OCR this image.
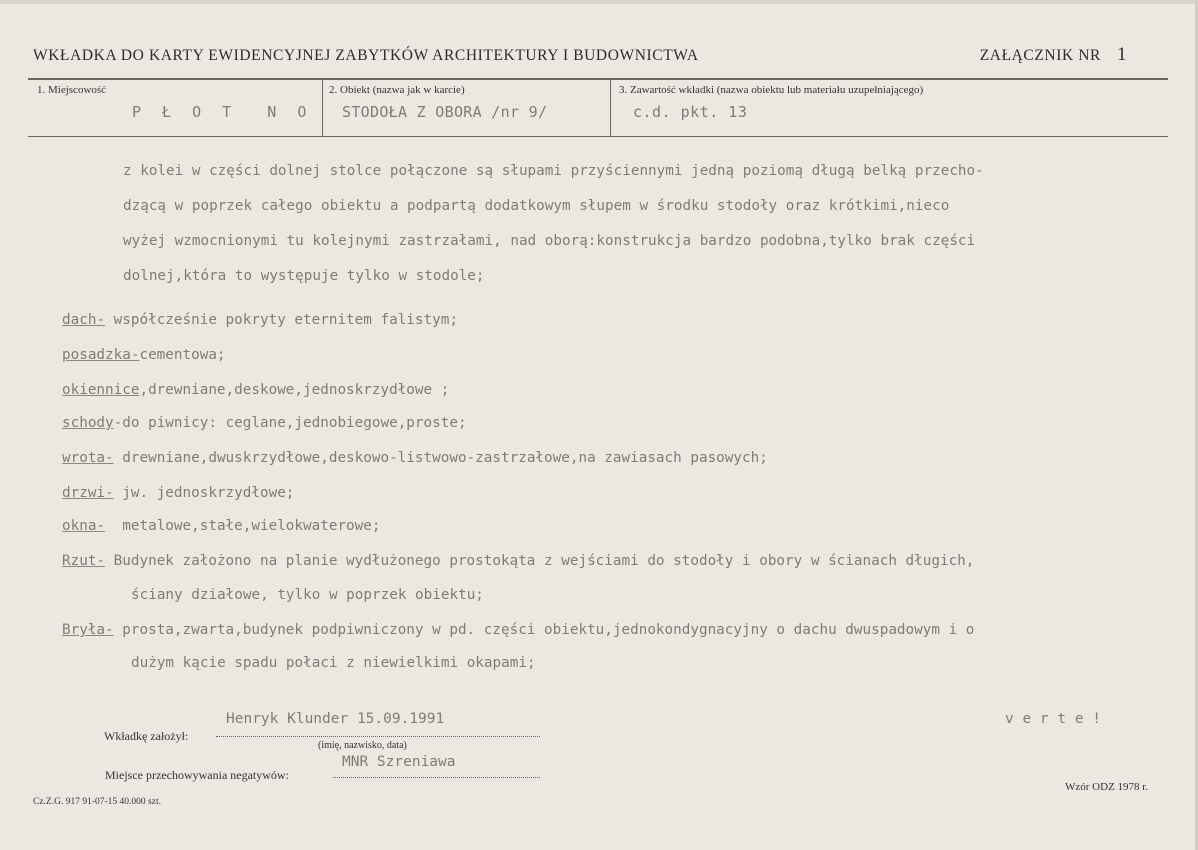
WKŁADKA DO KARTY EWIDENCYJNEJ ZABYTKÓW ARCHITEKTURY I BUDOWNICTWA	ZAŁĄCZNIK NR 1
1. Miejscowość
P Ł O T  N O
2. Obiekt (nazwa jak w karcie)
STODOŁA Z OBORA /nr 9/
3. Zawartość wkładki (nazwa obiektu lub materiału uzupełniającego)
c.d. pkt. 13
z kolei w części dolnej stolce połączone są słupami przyściennymi jedną poziomą długą belką przecho-
dzącą w poprzek całego obiektu a podpartą dodatkowym słupem w środku stodoły oraz krótkimi,nieco
wyżej wzmocnionymi tu kolejnymi zastrzałami, nad oborą:konstrukcja bardzo podobna,tylko brak części
dolnej,która to występuje tylko w stodole;
dach- współcześnie pokryty eternitem falistym;
posadzka-cementowa;
okiennice,drewniane,deskowe,jednoskrzydłowe ;
schody-do piwnicy: ceglane,jednobiegowe,proste;
wrota- drewniane,dwuskrzydłowe,deskowo-listwowo-zastrzałowe,na zawiasach pasowych;
drzwi- jw. jednoskrzydłowe;
okna-  metalowe,stałe,wielokwaterowe;
Rzut- Budynek założono na planie wydłużonego prostokąta z wejściami do stodoły i obory w ścianach długich,
ściany działowe, tylko w poprzek obiektu;
Bryła- prosta,zwarta,budynek podpiwniczony w pd. części obiektu,jednokondygnacyjny o dachu dwuspadowym i o
dużym kącie spadu połaci z niewielkimi okapami;
Henryk Klunder 15.09.1991
Wkładkę założył:
(imię, nazwisko, data)
v e r t e !
MNR Szreniawa
Miejsce przechowywania negatywów:
Wzór ODZ 1978 r.
Cz.Z.G. 917 91-07-15 40.000 szt.
